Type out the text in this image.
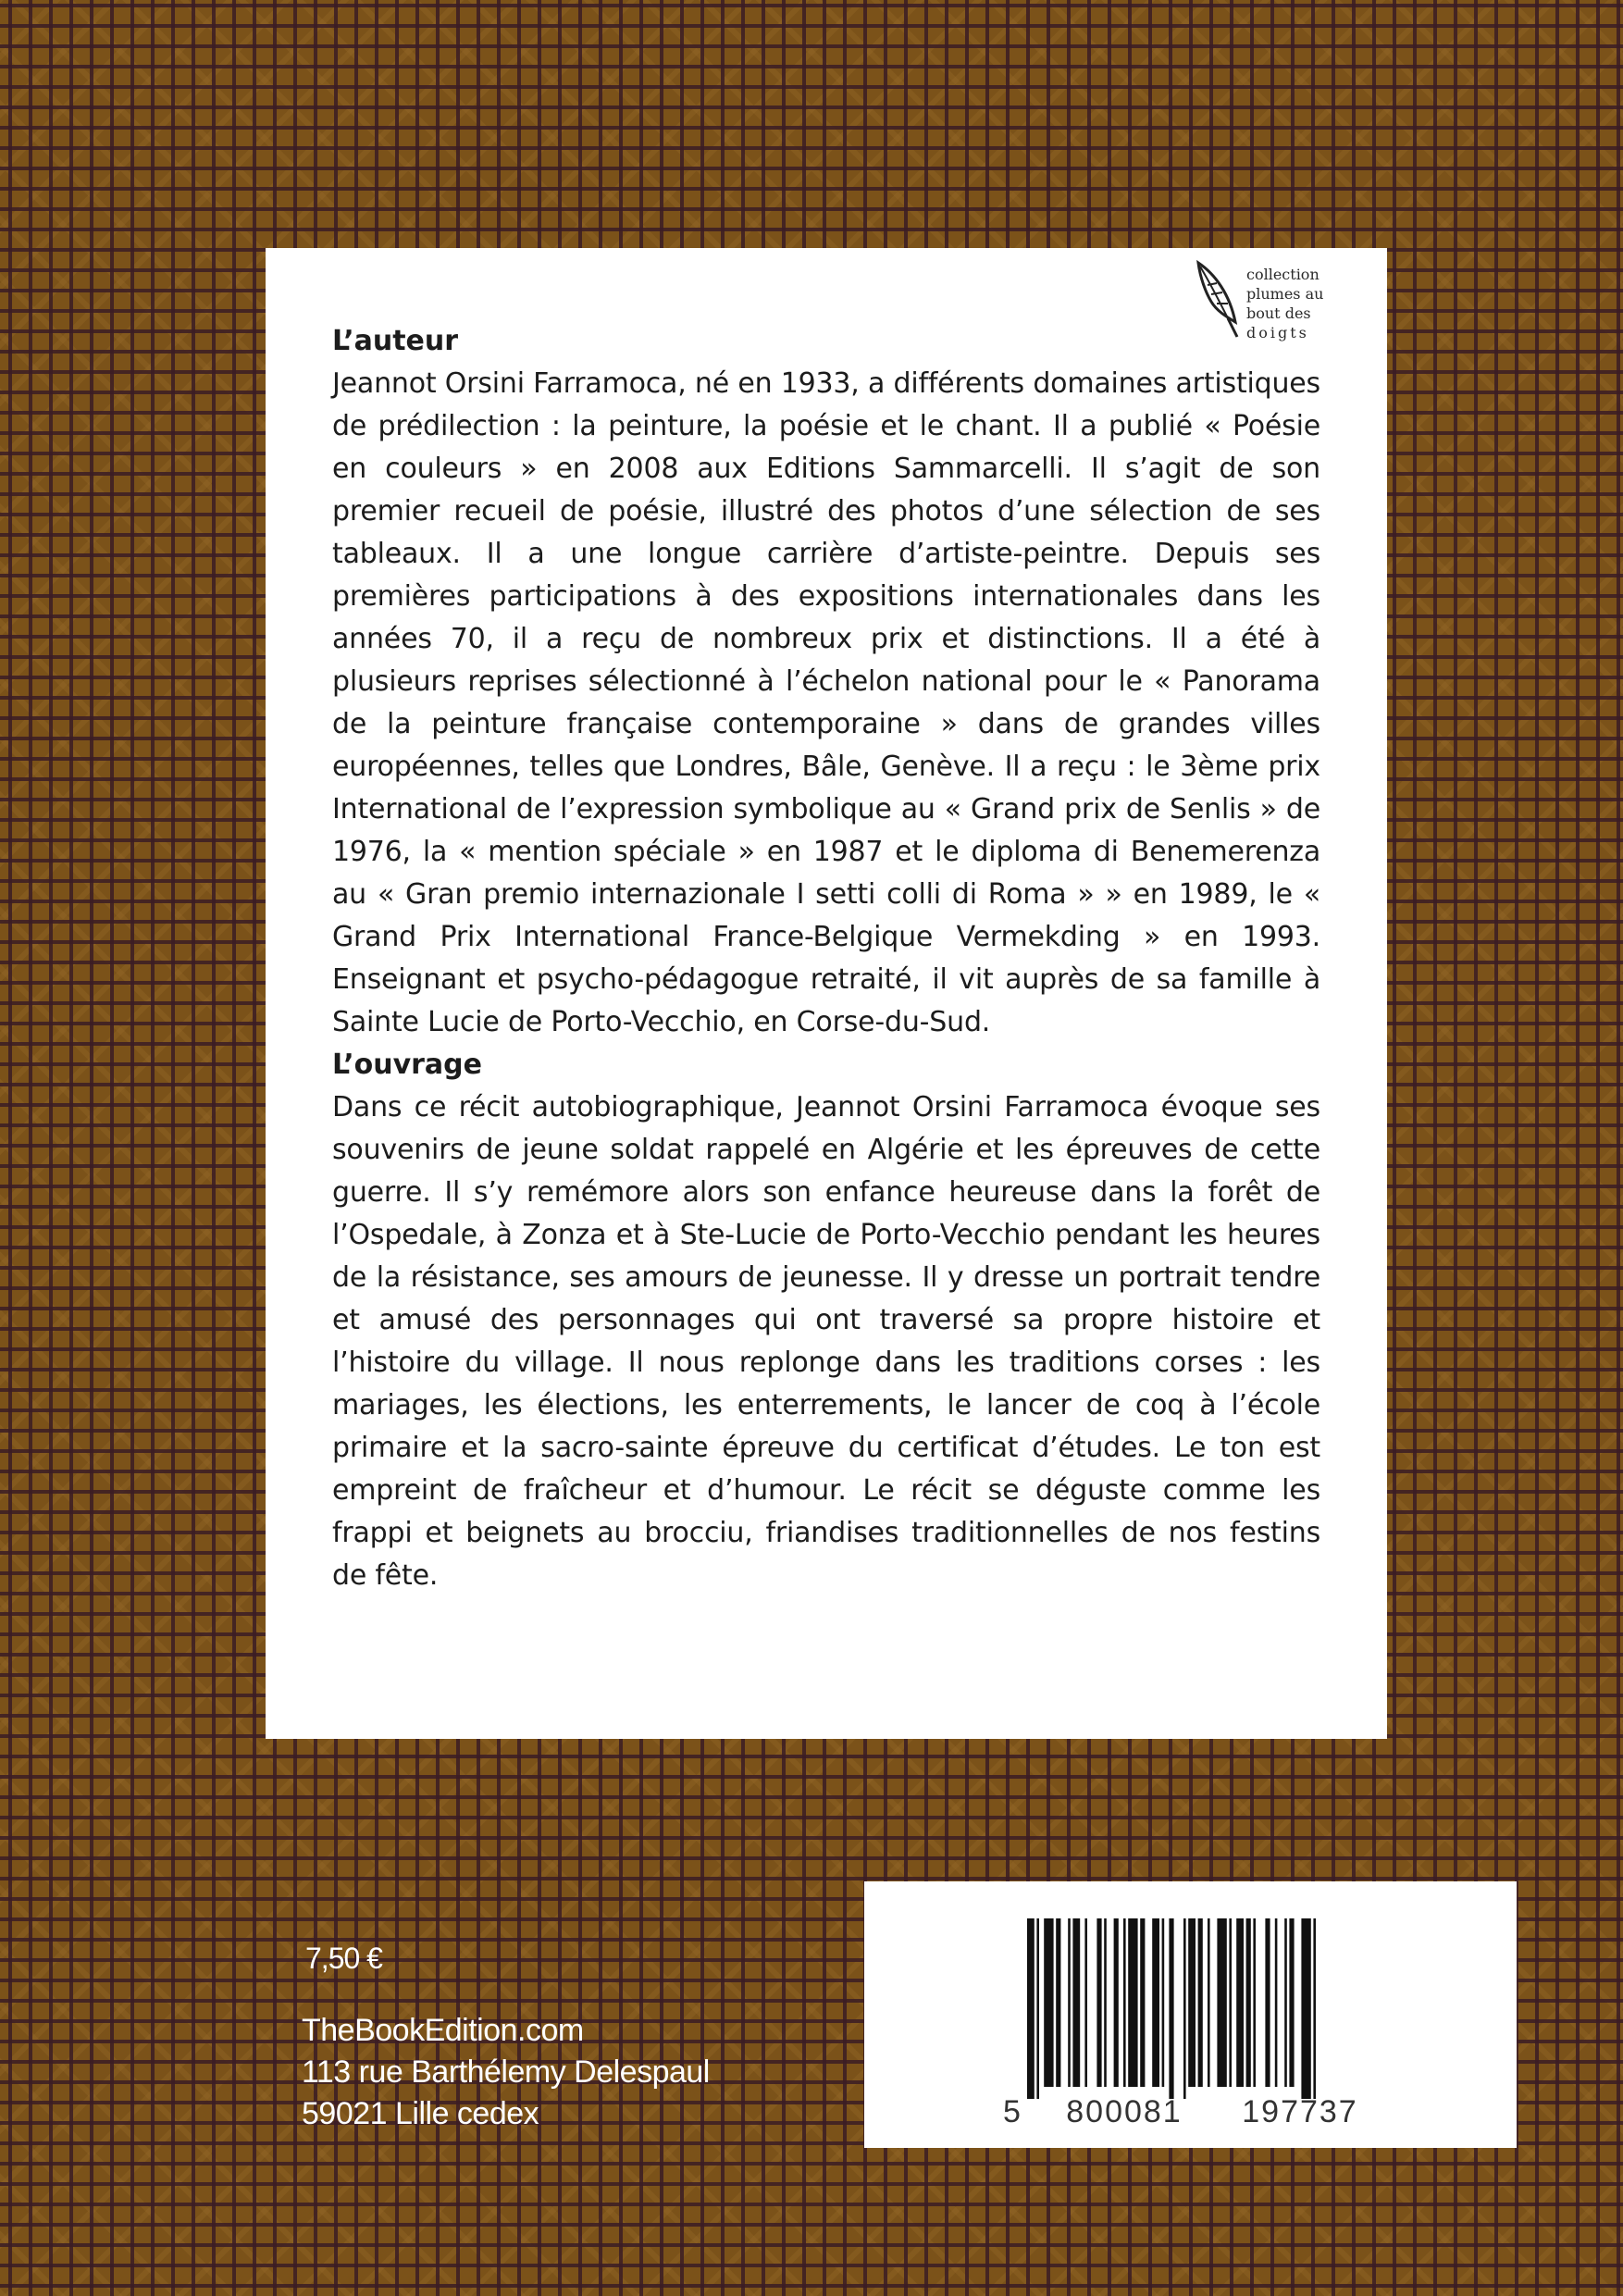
collection
plumes au
bout des
doigts
L’auteur

Jeannot Orsini Farramoca, né en 1933, a différents domaines artistiques de prédilection : la peinture, la poésie et le chant. Il a publié « Poésie en couleurs » en 2008 aux Editions Sammarcelli. Il s’agit de son premier recueil de poésie, illustré des photos d’une sélection de ses tableaux. Il a une longue carrière d’artiste-peintre. Depuis ses premières participations à des expositions internationales dans les années 70, il a reçu de nombreux prix et distinctions. Il a été à plusieurs reprises sélectionné à l’échelon national pour le « Panorama de la peinture française contemporaine » dans de grandes villes européennes, telles que Londres, Bâle, Genève. Il a reçu : le 3ème prix International de l’expression symbolique au « Grand prix de Senlis » de 1976, la « mention spéciale » en 1987 et le diploma di Benemerenza au « Gran premio internazionale I setti colli di Roma » » en 1989, le « Grand Prix International France-Belgique Vermekding » en 1993. Enseignant et psycho-pédagogue retraité, il vit auprès de sa famille à Sainte Lucie de Porto-Vecchio, en Corse-du-Sud.

L’ouvrage

Dans ce récit autobiographique, Jeannot Orsini Farramoca évoque ses souvenirs de jeune soldat rappelé en Algérie et les épreuves de cette guerre. Il s’y remémore alors son enfance heureuse dans la forêt de l’Ospedale, à Zonza et à Ste-Lucie de Porto-Vecchio pendant les heures de la résistance, ses amours de jeunesse. Il y dresse un portrait tendre et amusé des personnages qui ont traversé sa propre histoire et l’histoire du village. Il nous replonge dans les traditions corses : les mariages, les élections, les enterrements, le lancer de coq à l’école primaire et la sacro-sainte épreuve du certificat d’études. Le ton est empreint de fraîcheur et d’humour. Le récit se déguste comme les frappi et beignets au brocciu, friandises traditionnelles de nos festins de fête.

7,50 €
TheBookEdition.com
113 rue Barthélemy Delespaul
59021 Lille cedex	5 800081 197737
